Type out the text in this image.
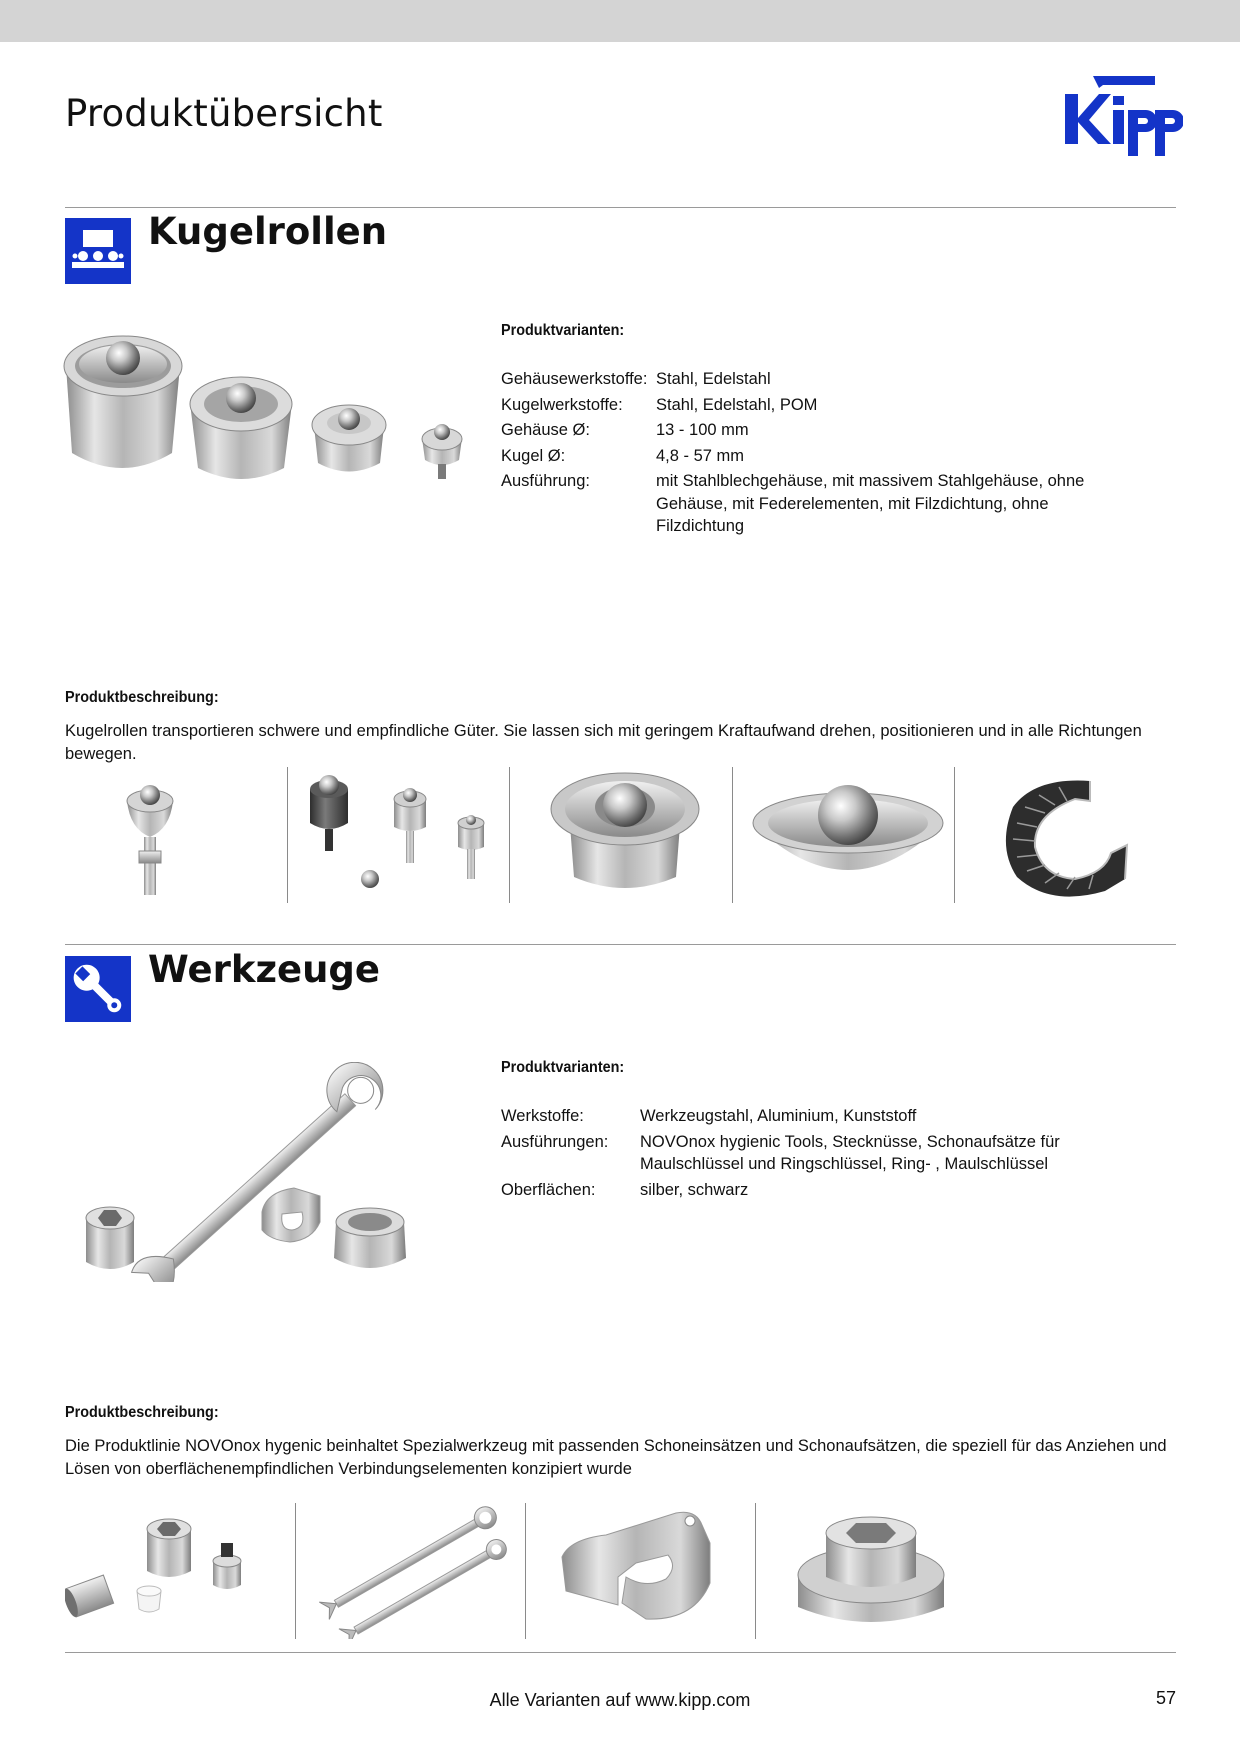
Produktübersicht
Kugelrollen
Produktvarianten:
Gehäusewerkstoffe: Stahl, Edelstahl
Kugelwerkstoffe:	Stahl, Edelstahl, POM
Gehäuse Ø:	13 - 100 mm
Kugel Ø:	4,8 - 57 mm
Ausführung:	mit Stahlblechgehäuse, mit massivem Stahlgehäuse, ohne Gehäuse, mit Federelementen, mit Filzdichtung, ohne Filzdichtung
Produktbeschreibung:

Kugelrollen transportieren schwere und empfindliche Güter. Sie lassen sich mit geringem Kraftaufwand drehen, positionieren und in alle Richtungen bewegen.

Werkzeuge
Produktvarianten:
Werkstoffe:	Werkzeugstahl, Aluminium, Kunststoff
Ausführungen:	NOVOnox hygienic Tools, Stecknüsse, Schonaufsätze für Maulschlüssel und Ringschlüssel, Ring- , Maulschlüssel
Oberflächen:	silber, schwarz
Produktbeschreibung:

Die Produktlinie NOVOnox hygenic beinhaltet Spezialwerkzeug mit passenden Schoneinsätzen und Schonaufsätzen, die speziell für das Anziehen und Lösen von oberflächenempfindlichen Verbindungselementen konzipiert wurde

Alle Varianten auf www.kipp.com	57
